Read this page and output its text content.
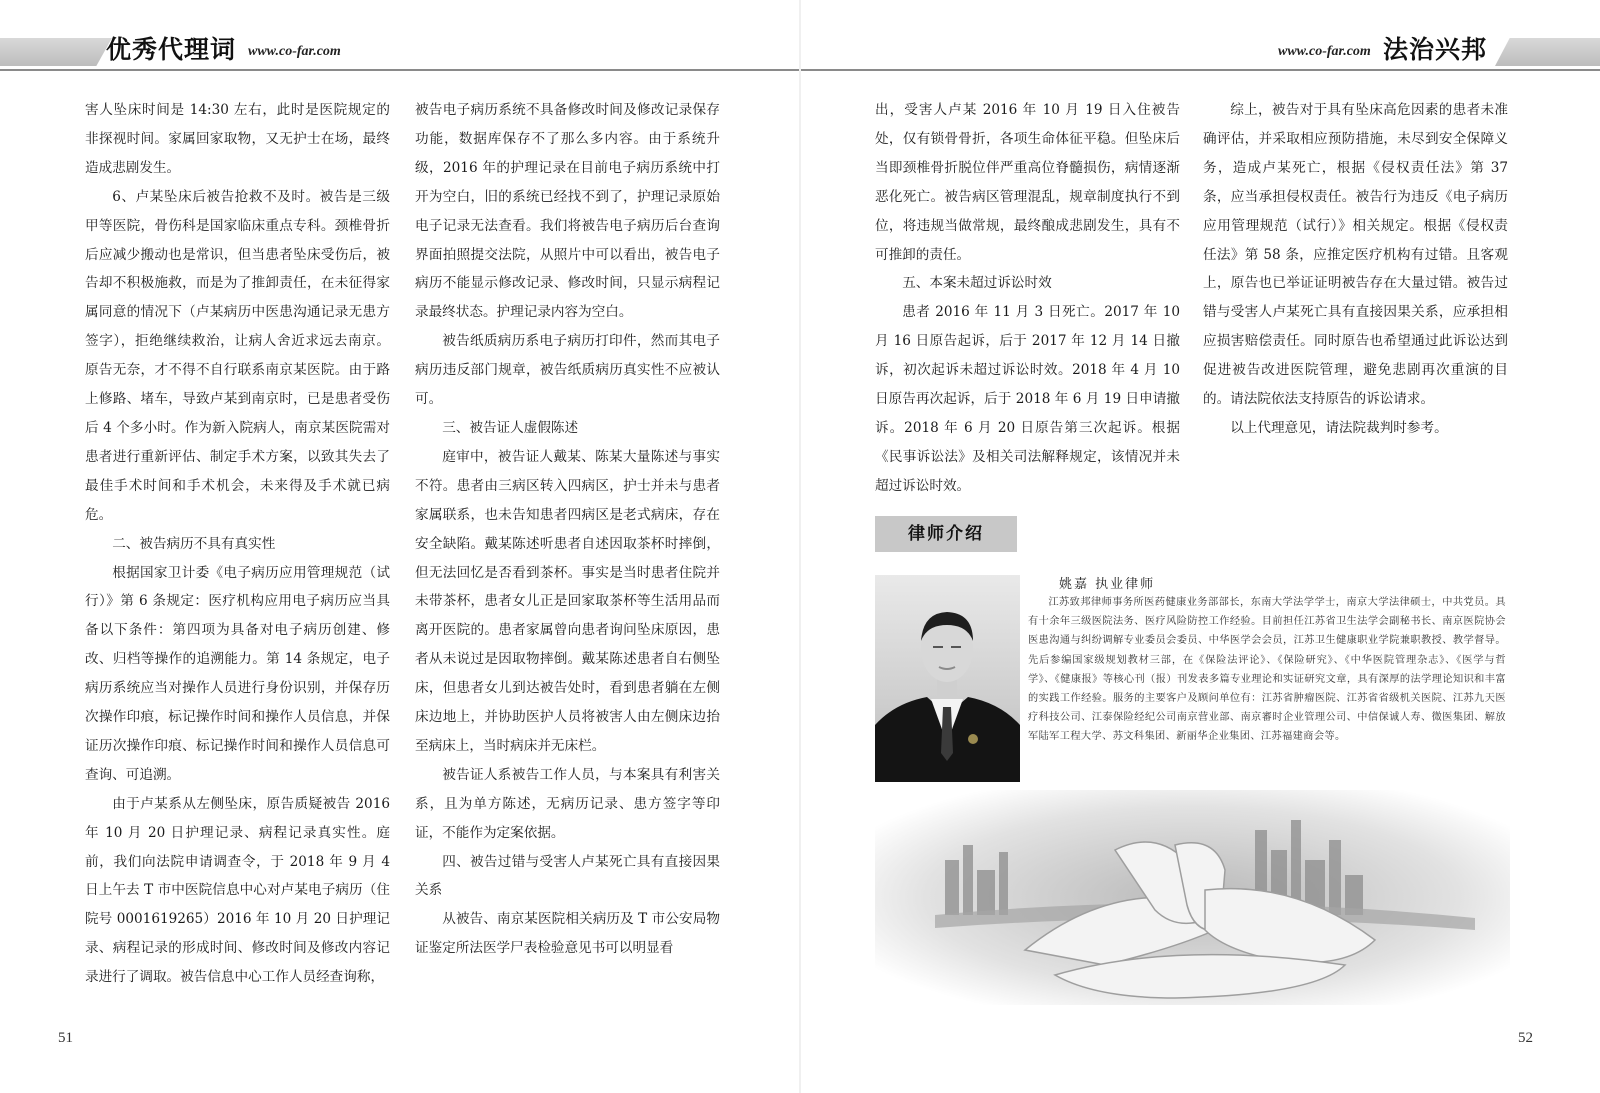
优秀代理词 www.co-far.com	www.co-far.com 法治兴邦

害人坠床时间是 14:30 左右，此时是医院规定的非探视时间。家属回家取物，又无护士在场，最终造成悲剧发生。

6、卢某坠床后被告抢救不及时。被告是三级甲等医院，骨伤科是国家临床重点专科。颈椎骨折后应减少搬动也是常识，但当患者坠床受伤后，被告却不积极施救，而是为了推卸责任，在未征得家属同意的情况下（卢某病历中医患沟通记录无患方签字），拒绝继续救治，让病人舍近求远去南京。原告无奈，才不得不自行联系南京某医院。由于路上修路、堵车，导致卢某到南京时，已是患者受伤后 4 个多小时。作为新入院病人，南京某医院需对患者进行重新评估、制定手术方案，以致其失去了最佳手术时间和手术机会，未来得及手术就已病危。

二、被告病历不具有真实性

根据国家卫计委《电子病历应用管理规范（试行）》第 6 条规定：医疗机构应用电子病历应当具备以下条件：第四项为具备对电子病历创建、修改、归档等操作的追溯能力。第 14 条规定，电子病历系统应当对操作人员进行身份识别，并保存历次操作印痕，标记操作时间和操作人员信息，并保证历次操作印痕、标记操作时间和操作人员信息可查询、可追溯。

由于卢某系从左侧坠床，原告质疑被告 2016 年 10 月 20 日护理记录、病程记录真实性。庭前，我们向法院申请调查令，于 2018 年 9 月 4 日上午去 T 市中医院信息中心对卢某电子病历（住院号 0001619265）2016 年 10 月 20 日护理记录、病程记录的形成时间、修改时间及修改内容记录进行了调取。被告信息中心工作人员经查询称，

被告电子病历系统不具备修改时间及修改记录保存功能，数据库保存不了那么多内容。由于系统升级，2016 年的护理记录在目前电子病历系统中打开为空白，旧的系统已经找不到了，护理记录原始电子记录无法查看。我们将被告电子病历后台查询界面拍照提交法院，从照片中可以看出，被告电子病历不能显示修改记录、修改时间，只显示病程记录最终状态。护理记录内容为空白。

被告纸质病历系电子病历打印件，然而其电子病历违反部门规章，被告纸质病历真实性不应被认可。

三、被告证人虚假陈述

庭审中，被告证人戴某、陈某大量陈述与事实不符。患者由三病区转入四病区，护士并未与患者家属联系，也未告知患者四病区是老式病床，存在安全缺陷。戴某陈述听患者自述因取茶杯时摔倒，但无法回忆是否看到茶杯。事实是当时患者住院并未带茶杯，患者女儿正是回家取茶杯等生活用品而离开医院的。患者家属曾向患者询问坠床原因，患者从未说过是因取物摔倒。戴某陈述患者自右侧坠床，但患者女儿到达被告处时，看到患者躺在左侧床边地上，并协助医护人员将被害人由左侧床边抬至病床上，当时病床并无床栏。

被告证人系被告工作人员，与本案具有利害关系，且为单方陈述，无病历记录、患方签字等印证，不能作为定案依据。

四、被告过错与受害人卢某死亡具有直接因果关系

从被告、南京某医院相关病历及 T 市公安局物证鉴定所法医学尸表检验意见书可以明显看

出，受害人卢某 2016 年 10 月 19 日入住被告处，仅有锁骨骨折，各项生命体征平稳。但坠床后当即颈椎骨折脱位伴严重高位脊髓损伤，病情逐渐恶化死亡。被告病区管理混乱，规章制度执行不到位，将违规当做常规，最终酿成悲剧发生，具有不可推卸的责任。

五、本案未超过诉讼时效

患者 2016 年 11 月 3 日死亡。2017 年 10 月 16 日原告起诉，后于 2017 年 12 月 14 日撤诉，初次起诉未超过诉讼时效。2018 年 4 月 10 日原告再次起诉，后于 2018 年 6 月 19 日申请撤诉。2018 年 6 月 20 日原告第三次起诉。根据《民事诉讼法》及相关司法解释规定，该情况并未超过诉讼时效。

综上，被告对于具有坠床高危因素的患者未准确评估，并采取相应预防措施，未尽到安全保障义务，造成卢某死亡，根据《侵权责任法》第 37 条，应当承担侵权责任。被告行为违反《电子病历应用管理规范（试行）》相关规定。根据《侵权责任法》第 58 条，应推定医疗机构有过错。且客观上，原告也已举证证明被告存在大量过错。被告过错与受害人卢某死亡具有直接因果关系，应承担相应损害赔偿责任。同时原告也希望通过此诉讼达到促进被告改进医院管理，避免悲剧再次重演的目的。请法院依法支持原告的诉讼请求。

以上代理意见，请法院裁判时参考。

律师介绍
姚嘉 执业律师
江苏致邦律师事务所医药健康业务部部长，东南大学法学学士，南京大学法律硕士，中共党员。具有十余年三级医院法务、医疗风险防控工作经验。目前担任江苏省卫生法学会副秘书长、南京医院协会医患沟通与纠纷调解专业委员会委员、中华医学会会员，江苏卫生健康职业学院兼职教授、教学督导。先后参编国家级规划教材三部，在《保险法评论》、《保险研究》、《中华医院管理杂志》、《医学与哲学》、《健康报》等核心刊（报）刊发表多篇专业理论和实证研究文章，具有深厚的法学理论知识和丰富的实践工作经验。服务的主要客户及顾问单位有：江苏省肿瘤医院、江苏省省级机关医院、江苏九天医疗科技公司、江泰保险经纪公司南京营业部、南京審时企业管理公司、中信保诚人寿、微医集团、解放军陆军工程大学、苏文科集团、新丽华企业集团、江苏福建商会等。
51	52
